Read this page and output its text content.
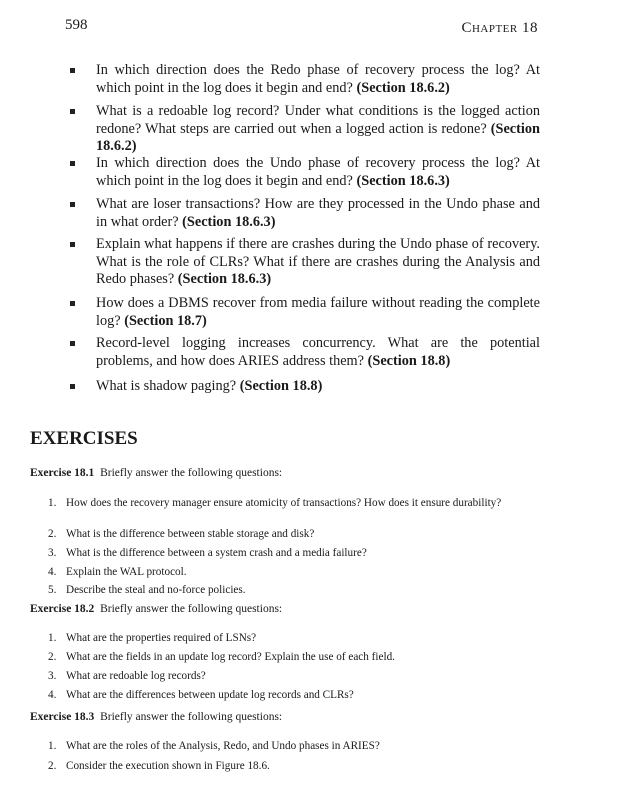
598	Chapter 18
In which direction does the Redo phase of recovery process the log? At which point in the log does it begin and end? (Section 18.6.2)
What is a redoable log record? Under what conditions is the logged action redone? What steps are carried out when a logged action is redone? (Section 18.6.2)
In which direction does the Undo phase of recovery process the log? At which point in the log does it begin and end? (Section 18.6.3)
What are loser transactions? How are they processed in the Undo phase and in what order? (Section 18.6.3)
Explain what happens if there are crashes during the Undo phase of recovery. What is the role of CLRs? What if there are crashes during the Analysis and Redo phases? (Section 18.6.3)
How does a DBMS recover from media failure without reading the complete log? (Section 18.7)
Record-level logging increases concurrency. What are the potential problems, and how does ARIES address them? (Section 18.8)
What is shadow paging? (Section 18.8)
EXERCISES
Exercise 18.1 Briefly answer the following questions:
1. How does the recovery manager ensure atomicity of transactions? How does it ensure durability?
2. What is the difference between stable storage and disk?
3. What is the difference between a system crash and a media failure?
4. Explain the WAL protocol.
5. Describe the steal and no-force policies.
Exercise 18.2 Briefly answer the following questions:
1. What are the properties required of LSNs?
2. What are the fields in an update log record? Explain the use of each field.
3. What are redoable log records?
4. What are the differences between update log records and CLRs?
Exercise 18.3 Briefly answer the following questions:
1. What are the roles of the Analysis, Redo, and Undo phases in ARIES?
2. Consider the execution shown in Figure 18.6.
